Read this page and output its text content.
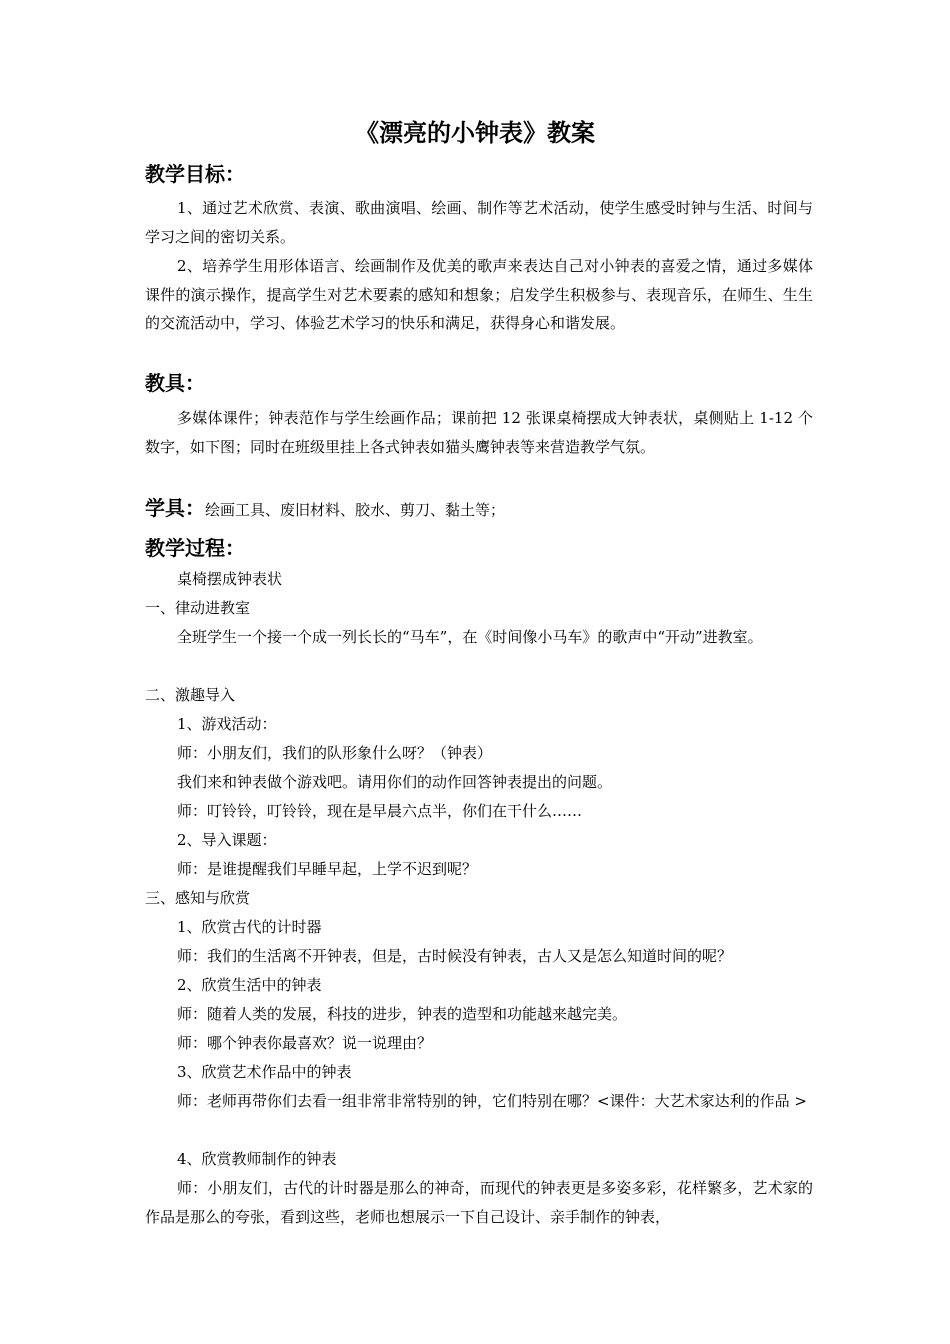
《漂亮的小钟表》教案
教学目标：
1、通过艺术欣赏、表演、歌曲演唱、绘画、制作等艺术活动，使学生感受时钟与生活、时间与学习之间的密切关系。
2、培养学生用形体语言、绘画制作及优美的歌声来表达自己对小钟表的喜爱之情，通过多媒体课件的演示操作，提高学生对艺术要素的感知和想象；启发学生积极参与、表现音乐，在师生、生生的交流活动中，学习、体验艺术学习的快乐和满足，获得身心和谐发展。
教具：
多媒体课件；钟表范作与学生绘画作品；课前把 12 张课桌椅摆成大钟表状，桌侧贴上 1-12 个数字，如下图；同时在班级里挂上各式钟表如猫头鹰钟表等来营造教学气氛。
学具：绘画工具、废旧材料、胶水、剪刀、黏土等；
教学过程：
桌椅摆成钟表状
一、律动进教室
全班学生一个接一个成一列长长的“马车”，在《时间像小马车》的歌声中“开动”进教室。
二、激趣导入
1、游戏活动：
师：小朋友们，我们的队形象什么呀？（钟表）
我们来和钟表做个游戏吧。请用你们的动作回答钟表提出的问题。
师：叮铃铃，叮铃铃，现在是早晨六点半，你们在干什么……
2、导入课题：
师：是谁提醒我们早睡早起，上学不迟到呢？
三、感知与欣赏
1、欣赏古代的计时器
师：我们的生活离不开钟表，但是，古时候没有钟表，古人又是怎么知道时间的呢？
2、欣赏生活中的钟表
师：随着人类的发展，科技的进步，钟表的造型和功能越来越完美。
师：哪个钟表你最喜欢？说一说理由？
3、欣赏艺术作品中的钟表
师：老师再带你们去看一组非常非常特别的钟，它们特别在哪？<课件：大艺术家达利的作品 >
4、欣赏教师制作的钟表
师：小朋友们，古代的计时器是那么的神奇，而现代的钟表更是多姿多彩，花样繁多，艺术家的作品是那么的夸张，看到这些，老师也想展示一下自己设计、亲手制作的钟表，
